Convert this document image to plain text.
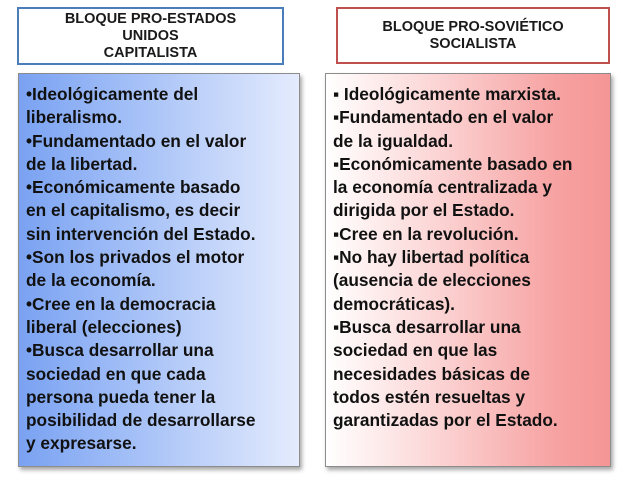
BLOQUE PRO-ESTADOS
UNIDOS
CAPITALISTA
BLOQUE PRO-SOVIÉTICO
SOCIALISTA
•Ideológicamente del
liberalismo.
•Fundamentado en el valor
de la libertad.
•Económicamente basado
en el capitalismo, es decir
sin intervención del Estado.
•Son los privados el motor
de la economía.
•Cree en la democracia
liberal (elecciones)
•Busca desarrollar una
sociedad en que cada
persona pueda tener la
posibilidad de desarrollarse
y expresarse.
▪ Ideológicamente marxista.
▪Fundamentado en el valor
de la igualdad.
▪Económicamente basado en
la economía centralizada y
dirigida por el Estado.
▪Cree en la revolución.
▪No hay libertad política
(ausencia de elecciones
democráticas).
▪Busca desarrollar una
sociedad en que las
necesidades básicas de
todos estén resueltas y
garantizadas por el Estado.
